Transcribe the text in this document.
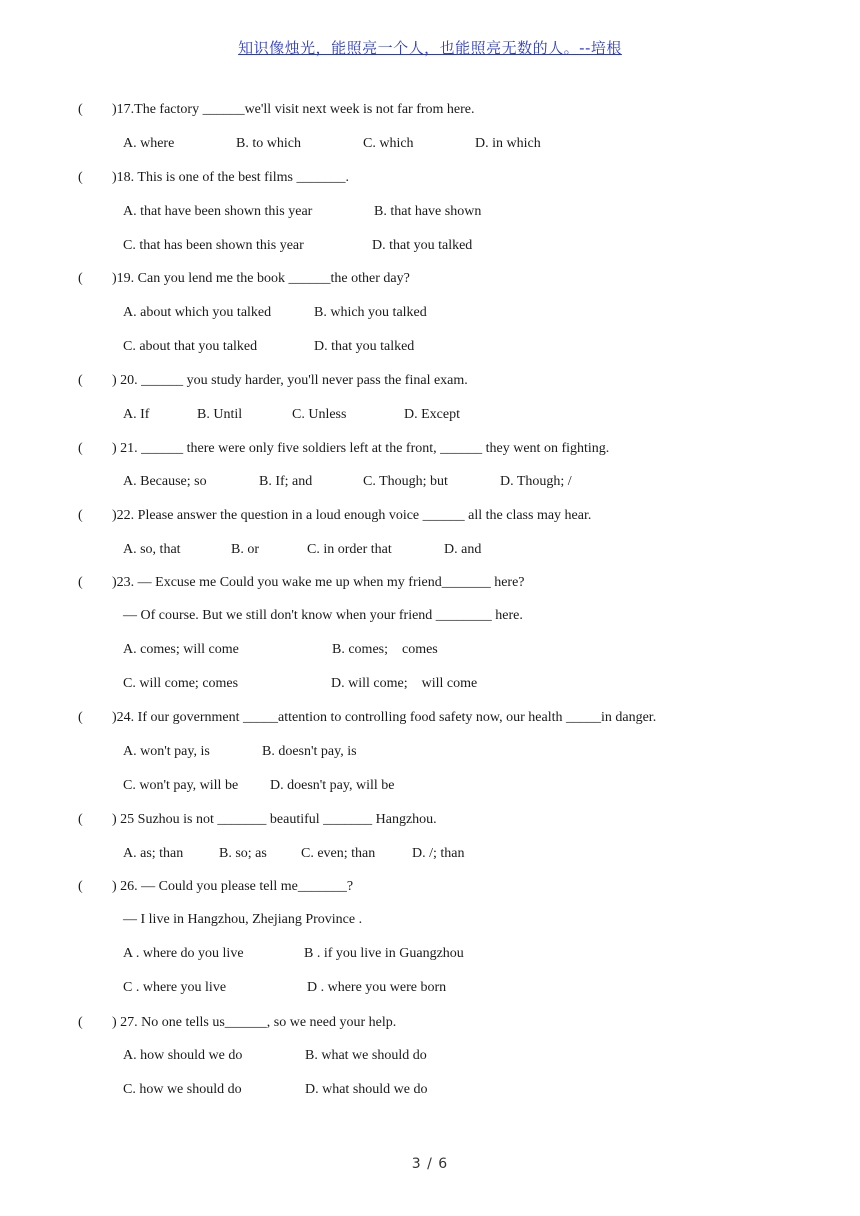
知识像烛光，能照亮一个人，也能照亮无数的人。--培根
( )17.The factory ______we'll visit next week is not far from here.
A. where	B. to which	C. which	D. in which
( )18. This is one of the best films _______.
A. that have been shown this year	B. that have shown
C. that has been shown this year	D. that you talked
( )19. Can you lend me the book ______the other day?
A. about which you talked	B. which you talked
C. about that you talked	D. that you talked
( ) 20. ______ you study harder, you'll never pass the final exam.
A. If	B. Until	C. Unless	D. Except
( ) 21. ______ there were only five soldiers left at the front, ______ they went on fighting.
A. Because; so	B. If; and	C. Though; but	D. Though; /
( )22. Please answer the question in a loud enough voice ______ all the class may hear.
A. so, that	B. or	C. in order that	D. and
( )23. — Excuse me Could you wake me up when my friend_______ here?
— Of course. But we still don't know when your friend ________ here.
A. comes; will come	B. comes;    comes
C. will come; comes	D. will come;    will come
( )24. If our government _____attention to controlling food safety now, our health _____in danger.
A. won't pay, is	B. doesn't pay, is
C. won't pay, will be D. doesn't pay, will be
( ) 25 Suzhou is not _______ beautiful _______ Hangzhou.
A. as; than	B. so; as C. even; than	D. /; than
( ) 26. — Could you please tell me_______?
— I live in Hangzhou, Zhejiang Province .
A . where do you live	B . if you live in Guangzhou
C . where you live	D . where you were born
( ) 27. No one tells us______, so we need your help.
A. how should we do	B. what we should do
C. how we should do	D. what should we do
3 / 6
